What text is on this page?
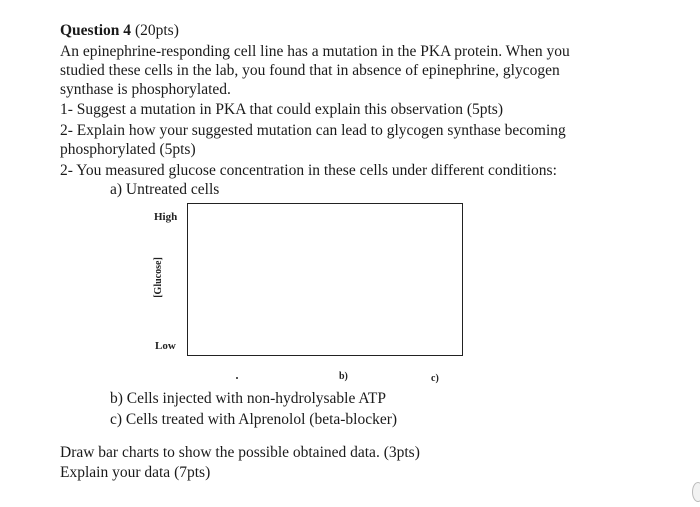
Question 4 (20pts)
An epinephrine-responding cell line has a mutation in the PKA protein. When you
studied these cells in the lab, you found that in absence of epinephrine, glycogen
synthase is phosphorylated.
1- Suggest a mutation in PKA that could explain this observation (5pts)
2- Explain how your suggested mutation can lead to glycogen synthase becoming
phosphorylated (5pts)
2- You measured glucose concentration in these cells under different conditions:
a) Untreated cells
High
Low
[Glucose]
b)	c)
b) Cells injected with non-hydrolysable ATP
c) Cells treated with Alprenolol (beta-blocker)
Draw bar charts to show the possible obtained data. (3pts)
Explain your data (7pts)
